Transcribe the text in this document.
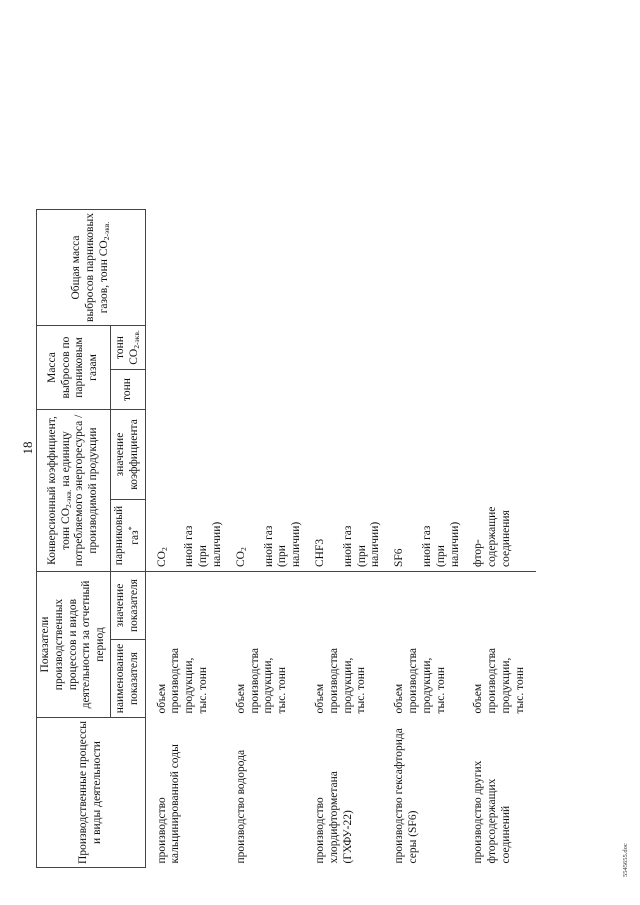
18
Производственные процессы и виды деятельности	Показатели производственных процессов и видов деятельности за отчетный период		Конверсионный коэффициент, тонн $CO_{2-экв.}$ на единицу потребляемого энергоресурса / производимой продукции		Масса выбросов по парниковым газам		Общая масса выбросов парниковых газов, тонн $CO_{2-экв.}$
	наименование показателя	значение показателя	парниковый газ*	значение коэффициента	тонн	тонн $CO_{2-экв.}$
производство кальцинированной соды	объем производства продукции, тыс. тонн		$CO_2$ иной газ (при наличии)				
производство водорода	объем производства продукции, тыс. тонн		$CO_2$ иной газ (при наличии)				
производство хлордифторметана (ГХФУ-22)	объем производства продукции, тыс. тонн		CHF3 иной газ (при наличии)				
производство гексафторида серы (SF6)	объем производства продукции, тыс. тонн		SF6 иной газ (при наличии)				
производство других фторсодержащих соединений	объем производства продукции, тыс. тонн		фтор-содержащие соединения			

5545655.doc
